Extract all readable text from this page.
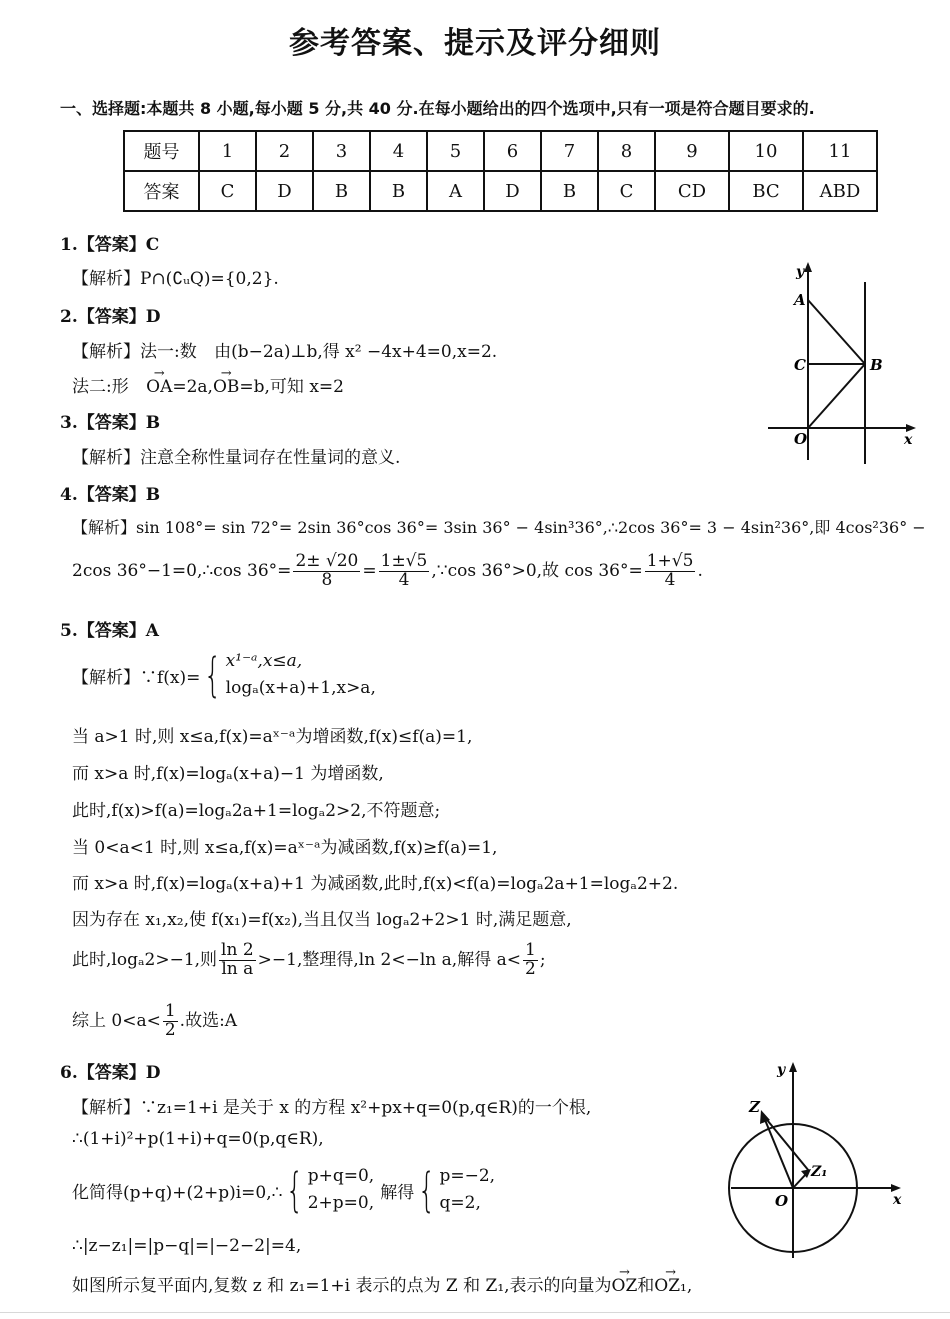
参考答案、提示及评分细则
一、选择题:本题共 8 小题,每小题 5 分,共 40 分.在每小题给出的四个选项中,只有一项是符合题目要求的.
题号	1	2	3	4	5	6	7	8	9	10	11
答案	C	D	B	B	A	D	B	C	CD	BC	ABD
1.【答案】C
【解析】P∩(∁ᵤQ)={0,2}.
2.【答案】D
【解析】法一:数 由(b−2a)⊥b,得 x² −4x+4=0,x=2.
法二:形 → OA=2a,→ OB=b,可知 x=2
3.【答案】B
【解析】注意全称性量词存在性量词的意义.
4.【答案】B
【解析】sin 108°= sin 72°= 2sin 36°cos 36°= 3sin 36° − 4sin³36°,∴2cos 36°= 3 − 4sin²36°,即 4cos²36° −
2cos 36°−1=0,∴cos $36^\circ= \frac{2\pm √20}{8} = \frac{1\pm√5}{4}$ ,∵cos 36°>0,故 $\cos 36^\circ= \frac{1+√5}{4}$ .
5.【答案】A
【解析】∵f(x)= { x¹⁻ᵃ,x≤a,
logₐ(x+a)+1,x>a,
当 a>1 时,则 x≤a,f(x)=aˣ⁻ᵃ为增函数,f(x)≤f(a)=1,
而 x>a 时,f(x)=logₐ(x+a)−1 为增函数,
此时,f(x)>f(a)=logₐ2a+1=logₐ2>2,不符题意;
当 0<a<1 时,则 x≤a,f(x)=aˣ⁻ᵃ为减函数,f(x)≥f(a)=1,
而 x>a 时,f(x)=logₐ(x+a)+1 为减函数,此时,f(x)<f(a)=logₐ2a+1=logₐ2+2.
因为存在 x₁,x₂,使 f(x₁)=f(x₂),当且仅当 logₐ2+2>1 时,满足题意,
此时,logₐ2>−1,则 $\frac{\ln 2}{\text{ln a}} >-1$,整理得,ln 2<−ln a,解得 $a< \frac{1}{2}$ ;
综上 $0<a< \frac{1}{2}$ .故选:A
6.【答案】D
【解析】∵z₁=1+i 是关于 x 的方程 x²+px+q=0(p,q∈R)的一个根,
∴(1+i)²+p(1+i)+q=0(p,q∈R),
化简得(p+q)+(2+p)i=0,∴ { p+q=0,
2+p=0,
解得 { p=−2,
q=2,
∴|z−z₁|=|p−q|=|−2−2|=4,
如图所示复平面内,复数 z 和 z₁=1+i 表示的点为 Z 和 Z₁,表示的向量为→ OZ和→ OZ₁,
y
x
A
C	B
O
y
x
Z
Z₁
O
